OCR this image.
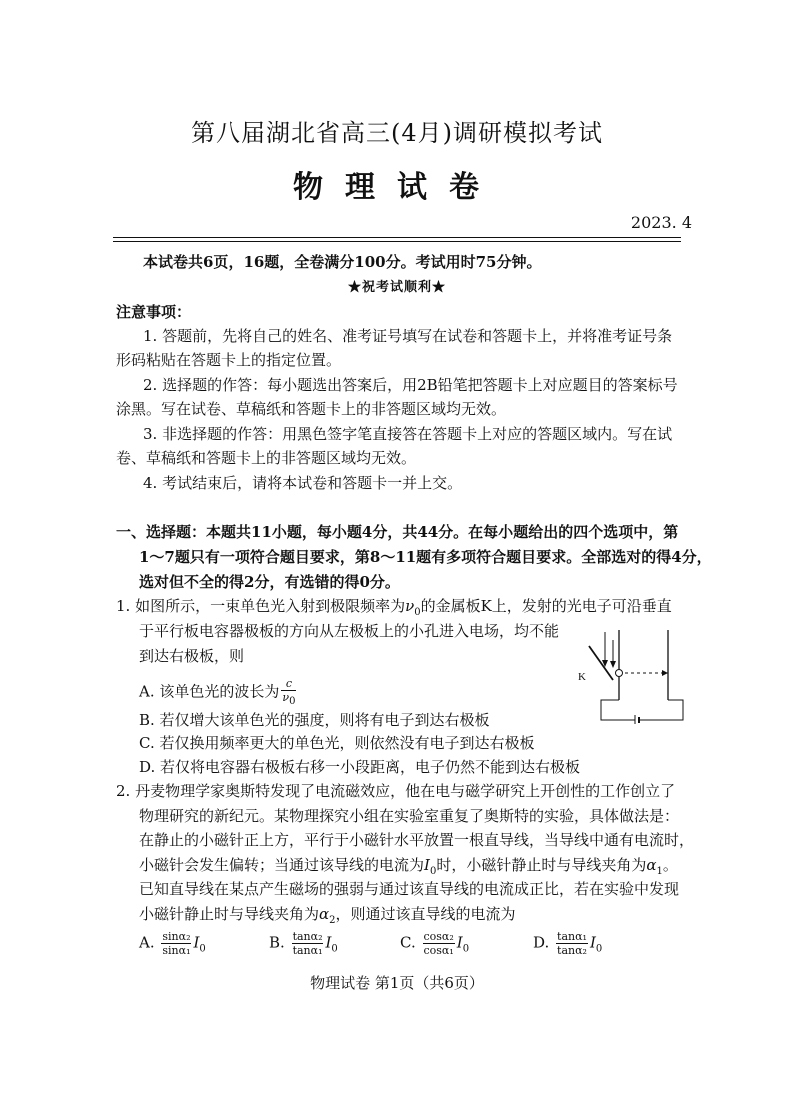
第八届湖北省高三(4月)调研模拟考试
物理试卷
2023. 4
本试卷共6页，16题，全卷满分100分。考试用时75分钟。
★祝考试顺利★
注意事项：
1. 答题前，先将自己的姓名、准考证号填写在试卷和答题卡上，并将准考证号条
形码粘贴在答题卡上的指定位置。
2. 选择题的作答：每小题选出答案后，用2B铅笔把答题卡上对应题目的答案标号
涂黑。写在试卷、草稿纸和答题卡上的非答题区域均无效。
3. 非选择题的作答：用黑色签字笔直接答在答题卡上对应的答题区域内。写在试
卷、草稿纸和答题卡上的非答题区域均无效。
4. 考试结束后，请将本试卷和答题卡一并上交。
一、选择题：本题共11小题，每小题4分，共44分。在每小题给出的四个选项中，第
1～7题只有一项符合题目要求，第8～11题有多项符合题目要求。全部选对的得4分，
选对但不全的得2分，有选错的得0分。
1. 如图所示，一束单色光入射到极限频率为$\nu_0$的金属板K上，发射的光电子可沿垂直
于平行板电容器极板的方向从左极板上的小孔进入电场，均不能
到达右极板，则
A. 该单色光的波长为 $\frac{c}{\nu_0}$
B. 若仅增大该单色光的强度，则将有电子到达右极板
C. 若仅换用频率更大的单色光，则依然没有电子到达右极板
D. 若仅将电容器右极板右移一小段距离，电子仍然不能到达右极板
K
2. 丹麦物理学家奥斯特发现了电流磁效应，他在电与磁学研究上开创性的工作创立了
物理研究的新纪元。某物理探究小组在实验室重复了奥斯特的实验，具体做法是：
在静止的小磁针正上方，平行于小磁针水平放置一根直导线，当导线中通有电流时，
小磁针会发生偏转；当通过该导线的电流为$I_0$时，小磁针静止时与导线夹角为$\alpha_1$。
已知直导线在某点产生磁场的强弱与通过该直导线的电流成正比，若在实验中发现
小磁针静止时与导线夹角为$\alpha_2$，则通过该直导线的电流为
A. $\frac{\text{sinα₂}}{\text{sinα₁}} I_0$	B. $\frac{\text{tanα₂}}{\text{tanα₁}} I_0$	C. $\frac{\text{cosα₂}}{\text{cosα₁}} I_0$	D. $\frac{\text{tanα₁}}{\text{tanα₂}} I_0$
物理试卷 第1页（共6页）
